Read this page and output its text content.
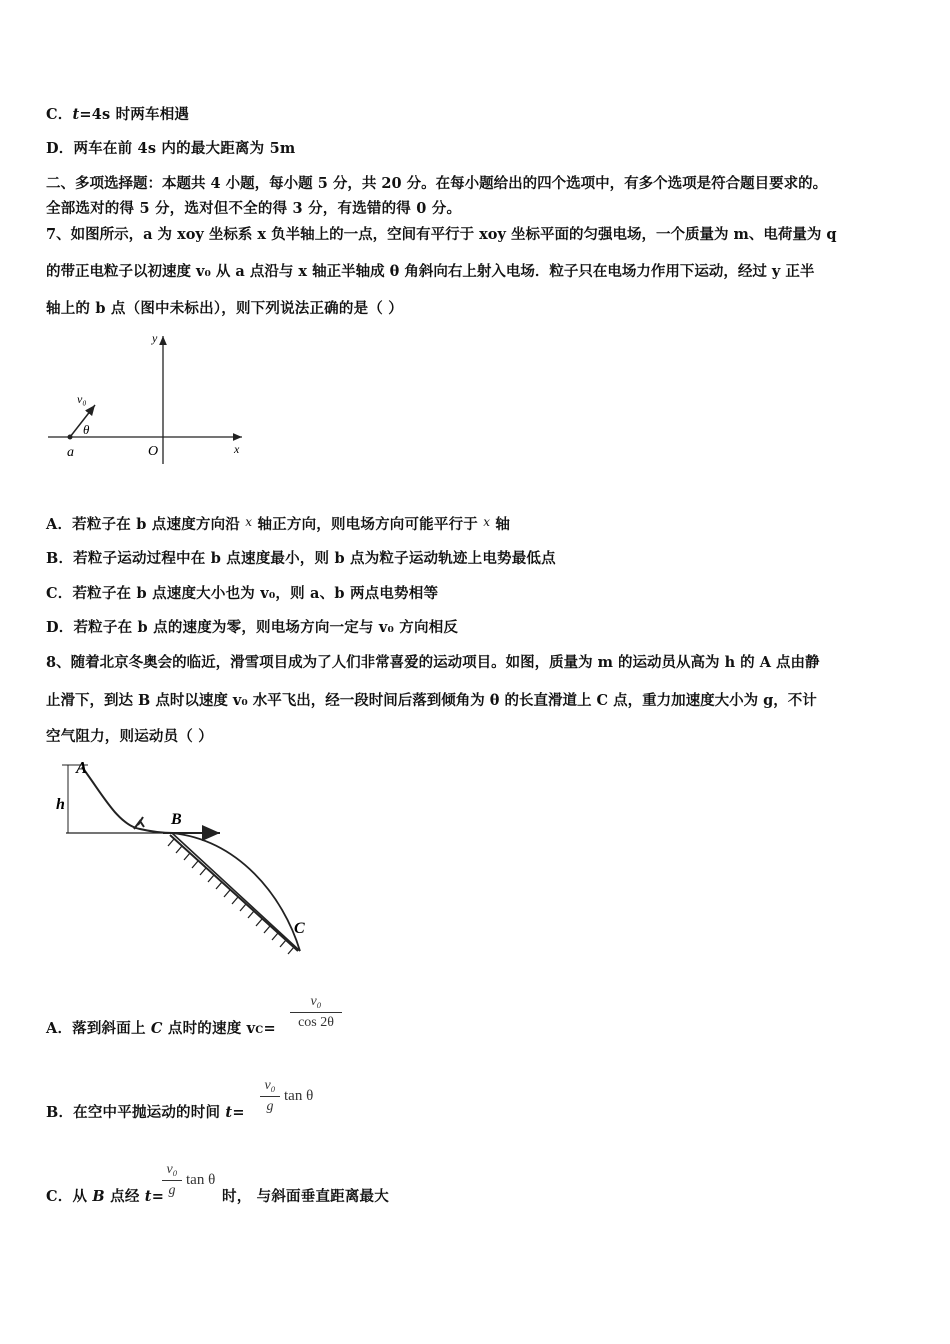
C．t=4s 时两车相遇
D．两车在前 4s 内的最大距离为 5m
二、多项选择题：本题共 4 小题，每小题 5 分，共 20 分。在每小题给出的四个选项中，有多个选项是符合题目要求的。
全部选对的得 5 分，选对但不全的得 3 分，有选错的得 0 分。
7、如图所示，a 为 xoy 坐标系 x 负半轴上的一点，空间有平行于 xoy 坐标平面的匀强电场，一个质量为 m、电荷量为 q
的带正电粒子以初速度 v₀ 从 a 点沿与 x 轴正半轴成 θ 角斜向右上射入电场．粒子只在电场力作用下运动，经过 y 正半
轴上的 b 点（图中未标出），则下列说法正确的是（ ）
y
x
O
a
v₀
θ
A．若粒子在 b 点速度方向沿 $^x$ 轴正方向，则电场方向可能平行于 $^x$ 轴
B．若粒子运动过程中在 b 点速度最小，则 b 点为粒子运动轨迹上电势最低点
C．若粒子在 b 点速度大小也为 v₀，则 a、b 两点电势相等
D．若粒子在 b 点的速度为零，则电场方向一定与 v₀ 方向相反
8、随着北京冬奥会的临近，滑雪项目成为了人们非常喜爱的运动项目。如图，质量为 m 的运动员从高为 h 的 A 点由静
止滑下，到达 B 点时以速度 v₀ 水平飞出，经一段时间后落到倾角为 θ 的长直滑道上 C 点，重力加速度大小为 g，不计
空气阻力，则运动员（ ）
h
A
B
C
A．落到斜面上 C 点时的速度 vC=
v₀
cos 2θ
B．在空中平抛运动的时间 t=
v₀
g
tan θ
C．从 B 点经 t=
v₀
g
tan θ
时， 与斜面垂直距离最大
